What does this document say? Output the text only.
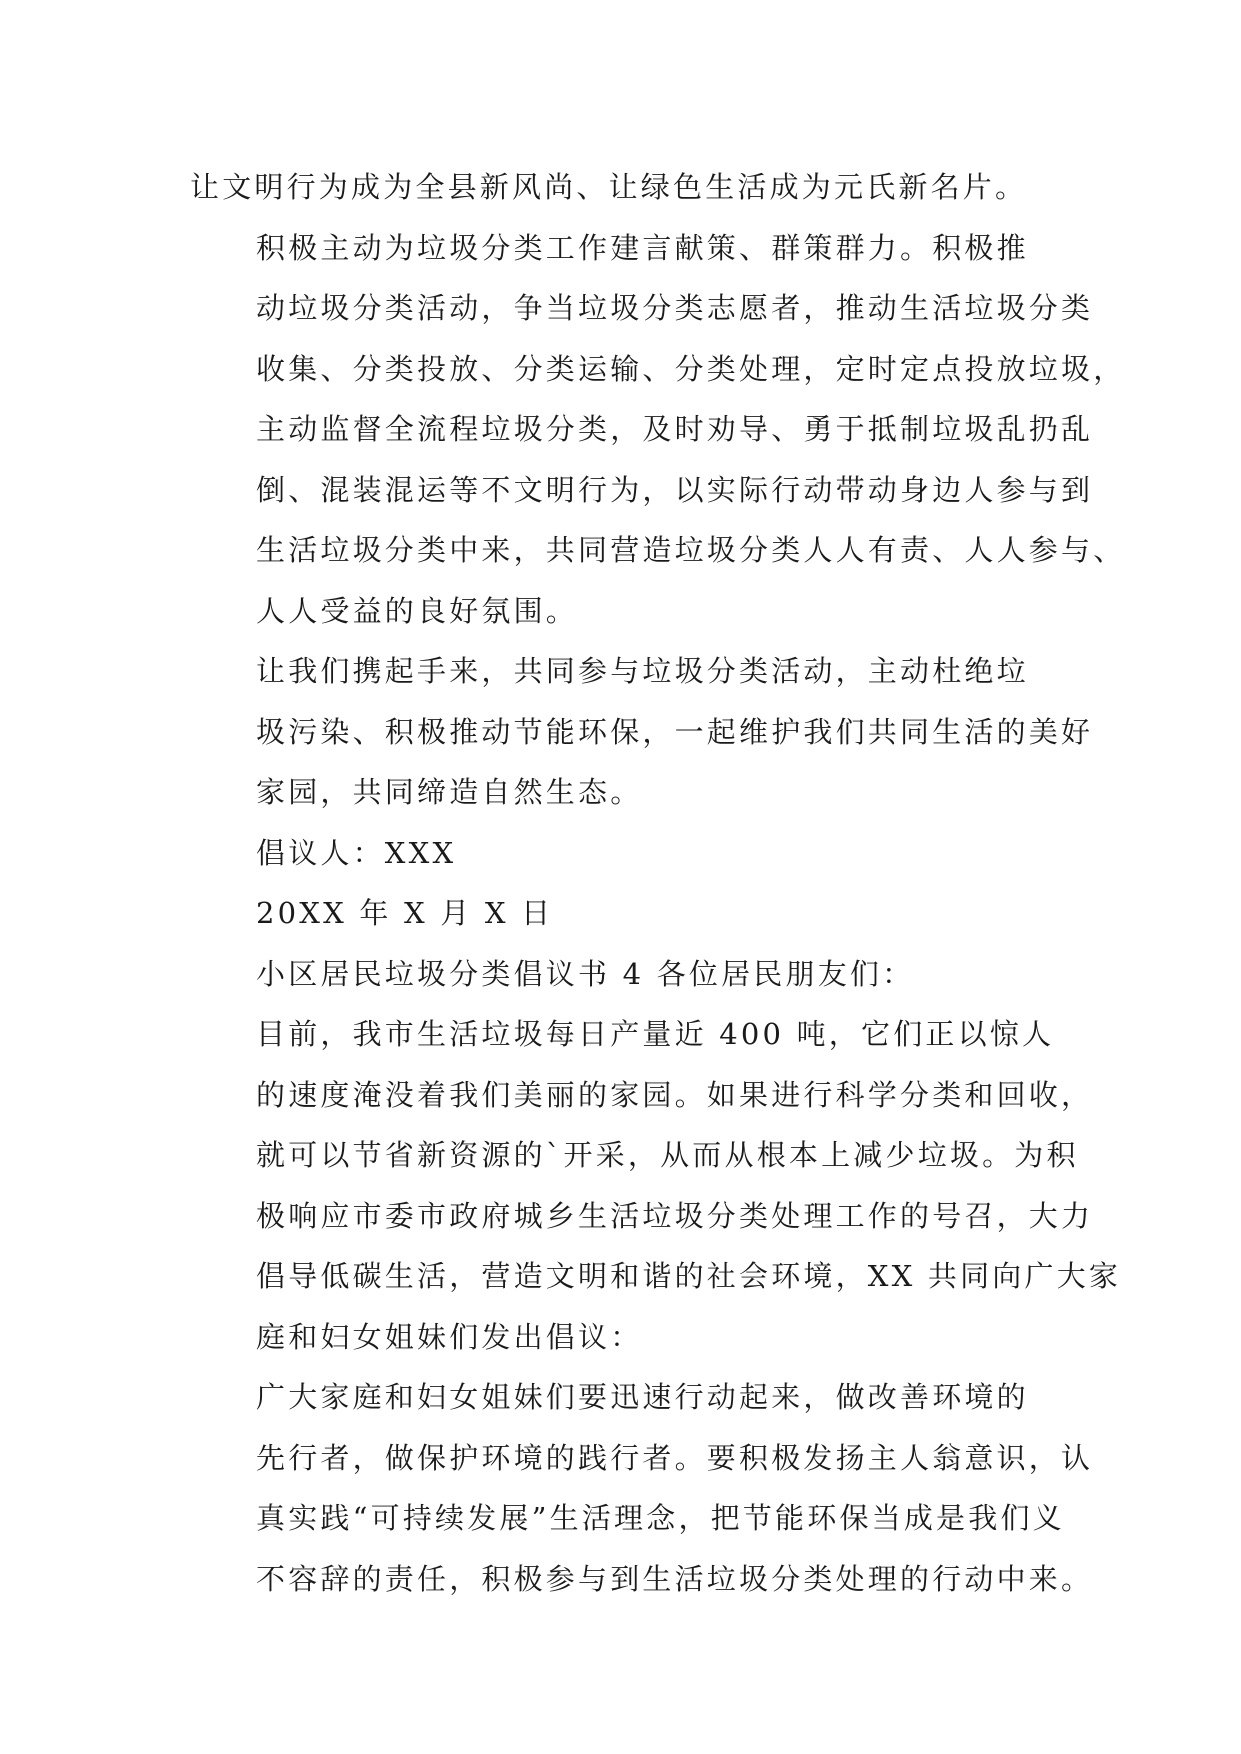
让文明行为成为全县新风尚、让绿色生活成为元氏新名片。

积极主动为垃圾分类工作建言献策、群策群力。积极推
动垃圾分类活动，争当垃圾分类志愿者，推动生活垃圾分类
收集、分类投放、分类运输、分类处理，定时定点投放垃圾，
主动监督全流程垃圾分类，及时劝导、勇于抵制垃圾乱扔乱
倒、混装混运等不文明行为，以实际行动带动身边人参与到
生活垃圾分类中来，共同营造垃圾分类人人有责、人人参与、
人人受益的良好氛围。

让我们携起手来，共同参与垃圾分类活动，主动杜绝垃
圾污染、积极推动节能环保，一起维护我们共同生活的美好
家园，共同缔造自然生态。

倡议人：XXX

20XX 年 X 月 X 日

小区居民垃圾分类倡议书 4 各位居民朋友们：

目前，我市生活垃圾每日产量近 400 吨，它们正以惊人
的速度淹没着我们美丽的家园。如果进行科学分类和回收，
就可以节省新资源的`开采，从而从根本上减少垃圾。为积
极响应市委市政府城乡生活垃圾分类处理工作的号召，大力
倡导低碳生活，营造文明和谐的社会环境，XX 共同向广大家
庭和妇女姐妹们发出倡议：

广大家庭和妇女姐妹们要迅速行动起来，做改善环境的
先行者，做保护环境的践行者。要积极发扬主人翁意识，认
真实践“可持续发展”生活理念，把节能环保当成是我们义
不容辞的责任，积极参与到生活垃圾分类处理的行动中来。
